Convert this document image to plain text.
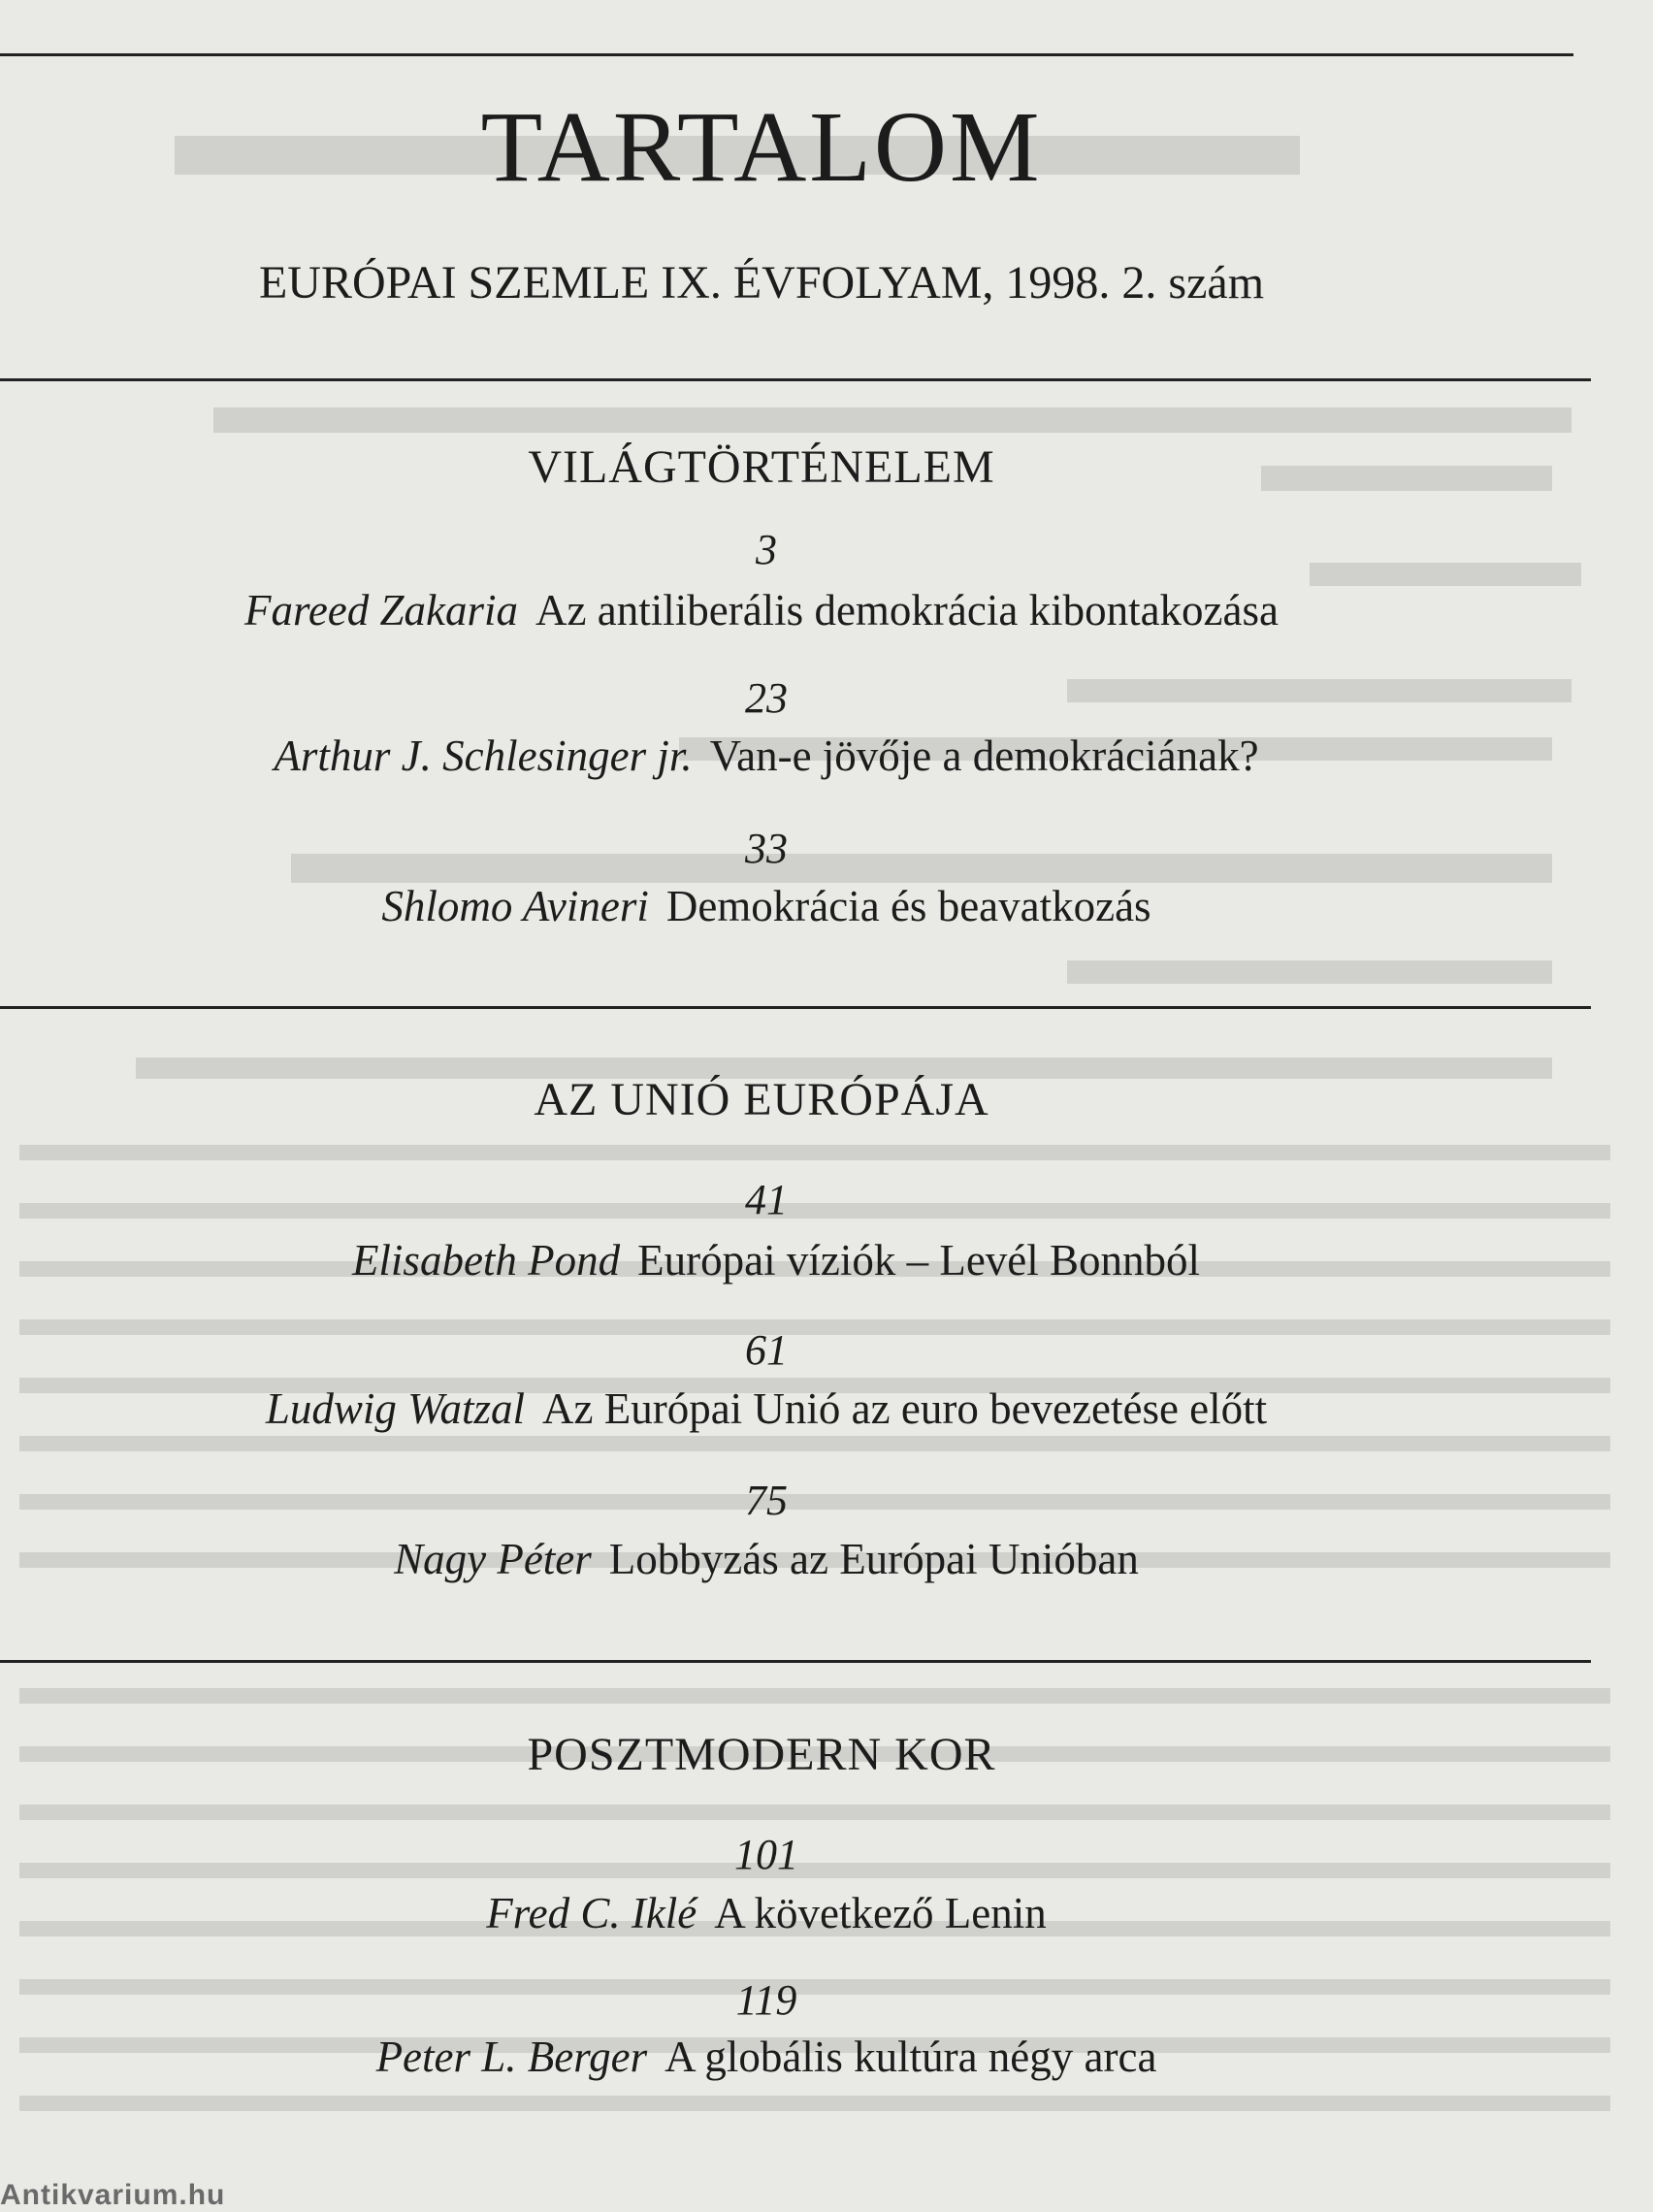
TARTALOM
EURÓPAI SZEMLE IX. ÉVFOLYAM, 1998. 2. szám
VILÁGTÖRTÉNELEM
3
Fareed Zakaria Az antiliberális demokrácia kibontakozása
23
Arthur J. Schlesinger jr. Van-e jövője a demokráciának?
33
Shlomo Avineri Demokrácia és beavatkozás
AZ UNIÓ EURÓPÁJA
41
Elisabeth Pond Európai víziók – Levél Bonnból
61
Ludwig Watzal Az Európai Unió az euro bevezetése előtt
75
Nagy Péter Lobbyzás az Európai Unióban
POSZTMODERN KOR
101
Fred C. Iklé A következő Lenin
119
Peter L. Berger A globális kultúra négy arca
Antikvarium.hu
